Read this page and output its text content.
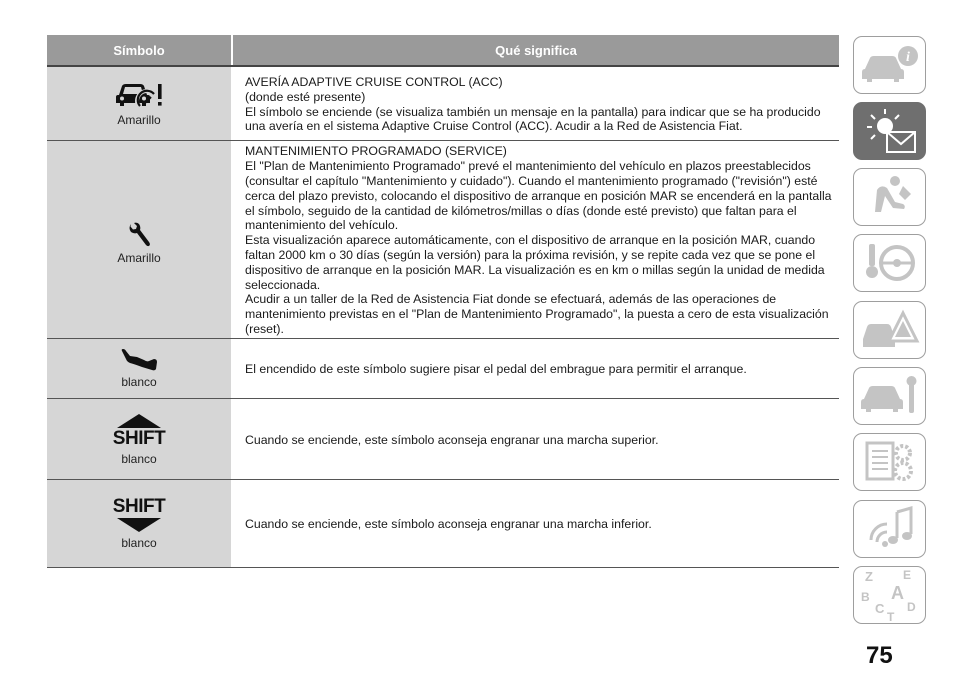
Símbolo	Qué significa
Amarillo

AVERÍA ADAPTIVE CRUISE CONTROL (ACC)

(donde esté presente)

El símbolo se enciende (se visualiza también un mensaje en la pantalla) para indicar que se ha producido una avería en el sistema Adaptive Cruise Control (ACC). Acudir a la Red de Asistencia Fiat.

Amarillo

MANTENIMIENTO PROGRAMADO (SERVICE)

El "Plan de Mantenimiento Programado" prevé el mantenimiento del vehículo en plazos preestablecidos (consultar el capítulo "Mantenimiento y cuidado"). Cuando el mantenimiento programado ("revisión") esté cerca del plazo previsto, colocando el dispositivo de arranque en posición MAR se encenderá en la pantalla el símbolo, seguido de la cantidad de kilómetros/millas o días (donde esté previsto) que faltan para el mantenimiento del vehículo.

Esta visualización aparece automáticamente, con el dispositivo de arranque en la posición MAR, cuando faltan 2000 km o 30 días (según la versión) para la próxima revisión, y se repite cada vez que se pone el dispositivo de arranque en la posición MAR. La visualización es en km o millas según la unidad de medida seleccionada.

Acudir a un taller de la Red de Asistencia Fiat donde se efectuará, además de las operaciones de mantenimiento previstas en el "Plan de Mantenimiento Programado", la puesta a cero de esta visualización (reset).

blanco

El encendido de este símbolo sugiere pisar el pedal del embrague para permitir el arranque.

SHIFT
blanco

Cuando se enciende, este símbolo aconseja engranar una marcha superior.

SHIFT
blanco

Cuando se enciende, este símbolo aconseja engranar una marcha inferior.

i
Z	E
A
B
C D
T
75
